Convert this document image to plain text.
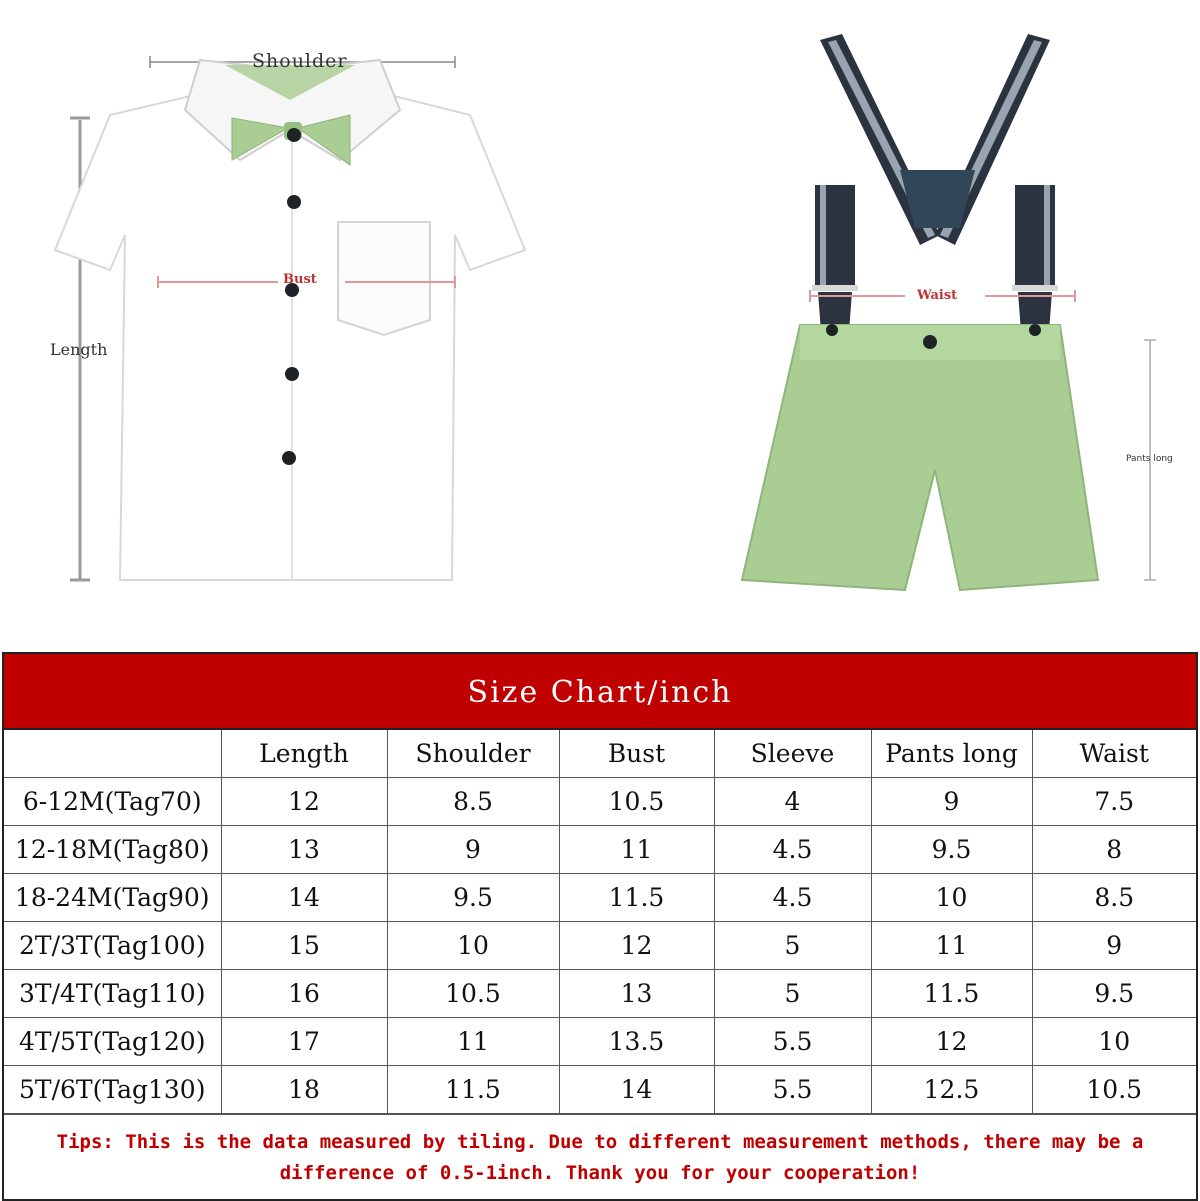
Shoulder
Length
Bust
Waist
Pants long
Size Chart/inch
	Length	Shoulder	Bust	Sleeve	Pants long	Waist
6-12M(Tag70)	12	8.5	10.5	4	9	7.5
12-18M(Tag80)	13	9	11	4.5	9.5	8
18-24M(Tag90)	14	9.5	11.5	4.5	10	8.5
2T/3T(Tag100)	15	10	12	5	11	9
3T/4T(Tag110)	16	10.5	13	5	11.5	9.5
4T/5T(Tag120)	17	11	13.5	5.5	12	10
5T/6T(Tag130)	18	11.5	14	5.5	12.5	10.5
Tips: This is the data measured by tiling. Due to different measurement methods, there may be a difference of 0.5-1inch. Thank you for your cooperation!
